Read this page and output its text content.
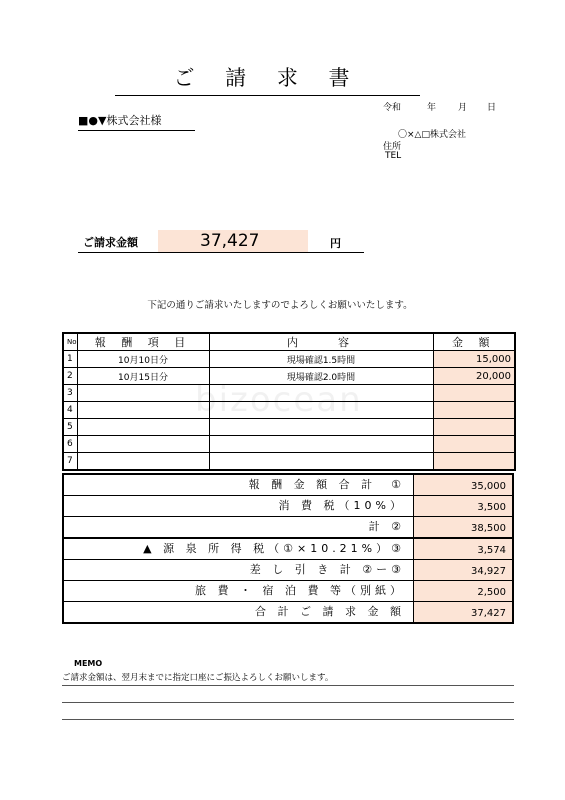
bizocean
ご 請 求 書
令和	年 月 日
■●▼株式会社様
〇×△□株式会社
住所
TEL
ご請求金額	37,427	円
下記の通りご請求いたしますのでよろしくお願いいたします。
No.	報 酬 項 目	内　　容	金 額
1	10月10日分	現場確認1.5時間	15,000
2	10月15日分	現場確認2.0時間	20,000
3			
4			
5			
6			
7			
報 酬 金 額 合 計　①	35,000
消 費 税（10%）	3,500
計 ②	38,500
▲ 源 泉 所 得 税（①×10.21%）③	3,574
差 し 引 き 計 ②ー③	34,927
旅 費 ・ 宿 泊 費 等（別紙）	2,500
合 計 ご 請 求 金 額	37,427
MEMO
ご請求金額は、翌月末までに指定口座にご振込よろしくお願いします。
